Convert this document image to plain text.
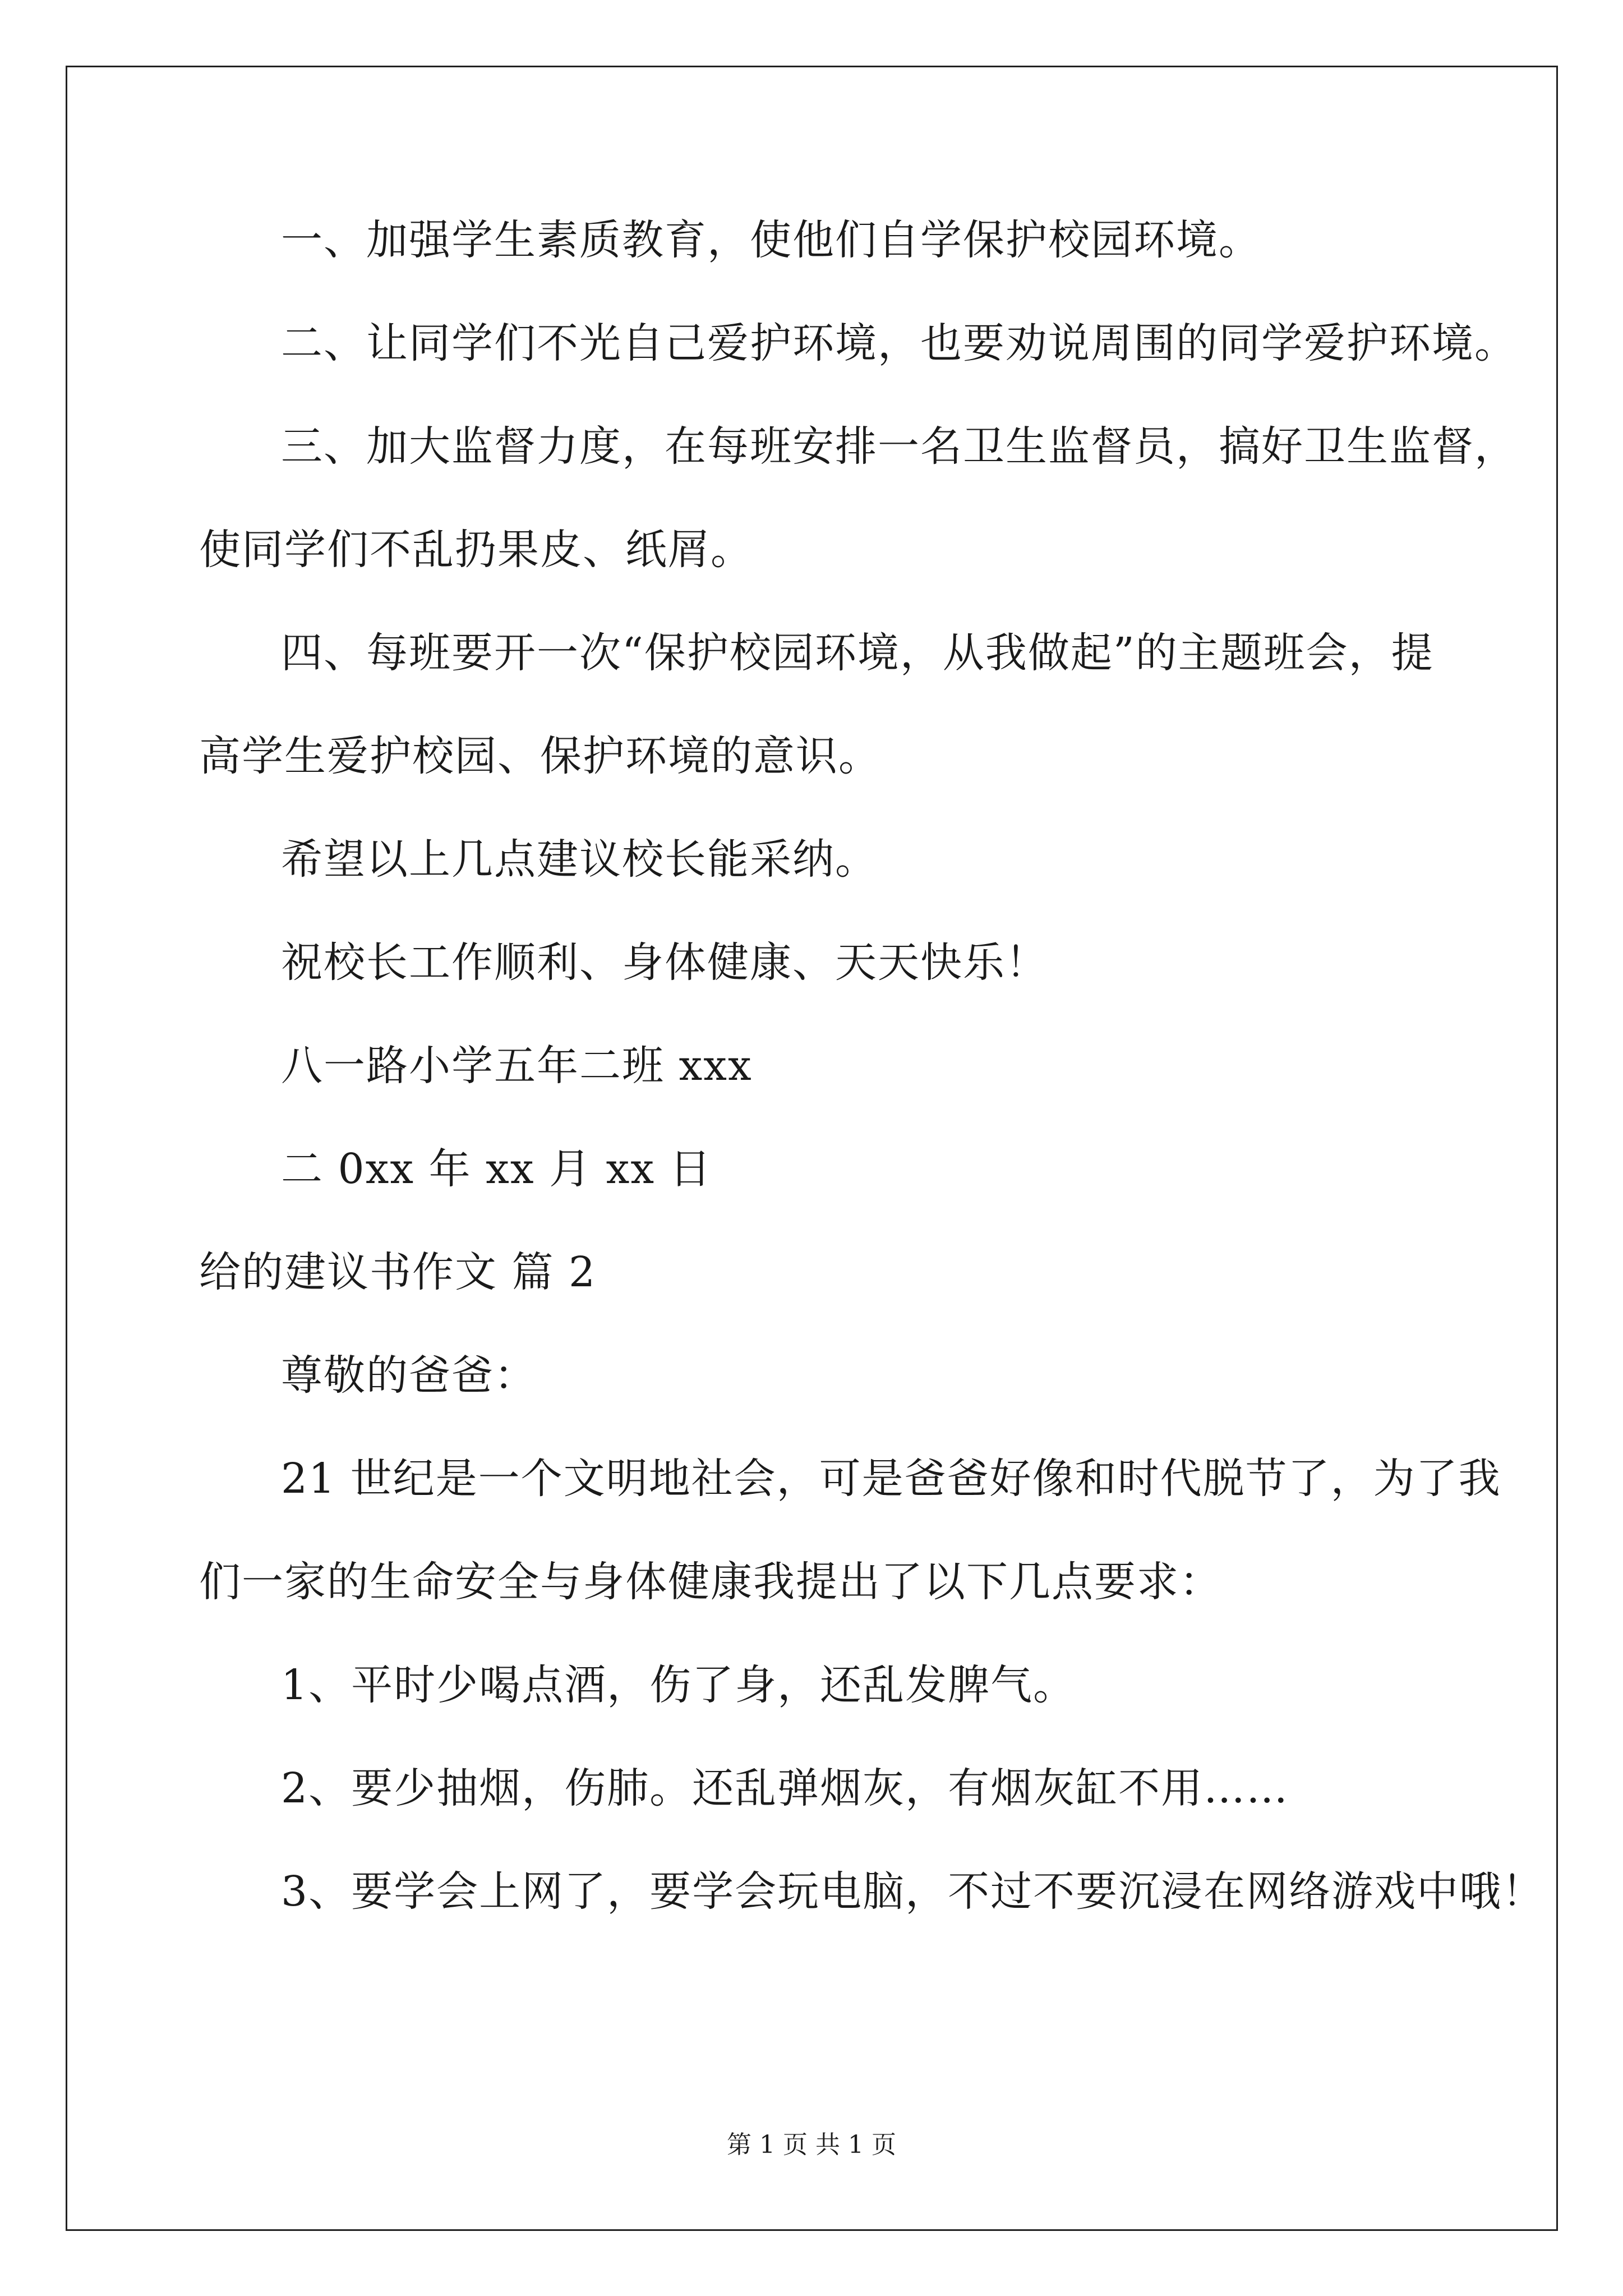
一、加强学生素质教育，使他们自学保护校园环境。
二、让同学们不光自己爱护环境，也要劝说周围的同学爱护环境。
三、加大监督力度，在每班安排一名卫生监督员，搞好卫生监督，
使同学们不乱扔果皮、纸屑。
四、每班要开一次“保护校园环境，从我做起”的主题班会，提
高学生爱护校园、保护环境的意识。
希望以上几点建议校长能采纳。
祝校长工作顺利、身体健康、天天快乐！
八一路小学五年二班 xxx
二 0xx 年 xx 月 xx 日
给的建议书作文 篇 2
尊敬的爸爸：
21 世纪是一个文明地社会，可是爸爸好像和时代脱节了，为了我
们一家的生命安全与身体健康我提出了以下几点要求：
1、平时少喝点酒，伤了身，还乱发脾气。
2、要少抽烟，伤肺。还乱弹烟灰，有烟灰缸不用……
3、要学会上网了，要学会玩电脑，不过不要沉浸在网络游戏中哦！
第 1 页 共 1 页
